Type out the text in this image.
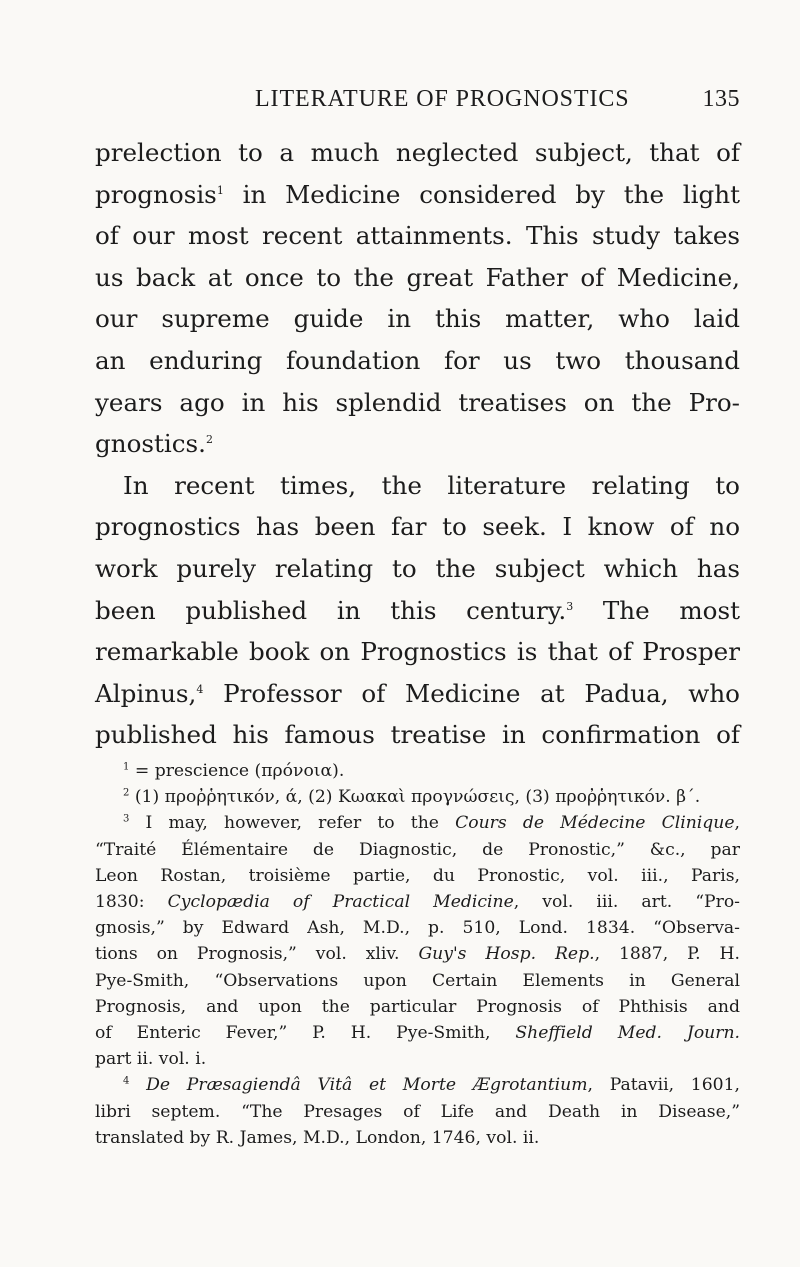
LITERATURE OF PROGNOSTICS	135
prelection to a much neglected subject, that of
prognosis$^1$ in Medicine considered by the light
of our most recent attainments. This study takes
us back at once to the great Father of Medicine,
our supreme guide in this matter, who laid
an enduring foundation for us two thousand
years ago in his splendid treatises on the Pro-
gnostics.$^2$
In recent times, the literature relating to
prognostics has been far to seek. I know of no
work purely relating to the subject which has
been published in this century.$^3$ The most
remarkable book on Prognostics is that of Prosper
Alpinus,$^4$ Professor of Medicine at Padua, who
published his famous treatise in confirmation of
$^1$ = prescience (πρόνοια).
$^2$ (1) προῤῥητικόν, ά, (2) Κωακαὶ προγνώσεις, (3) προῤῥητικόν. β΄.
$^3$ I may, however, refer to the Cours de Médecine Clinique,
“Traité Élémentaire de Diagnostic, de Pronostic,” &c., par
Leon Rostan, troisième partie, du Pronostic, vol. iii., Paris,
1830: Cyclopædia of Practical Medicine, vol. iii. art. “Pro-
gnosis,” by Edward Ash, M.D., p. 510, Lond. 1834. “Observa-
tions on Prognosis,” vol. xliv. Guy's Hosp. Rep., 1887, P. H.
Pye-Smith, “Observations upon Certain Elements in General
Prognosis, and upon the particular Prognosis of Phthisis and
of Enteric Fever,” P. H. Pye-Smith, Sheffield Med. Journ.
part ii. vol. i.
$^4$ De Præsagiendâ Vitâ et Morte Ægrotantium, Patavii, 1601,
libri septem. “The Presages of Life and Death in Disease,”
translated by R. James, M.D., London, 1746, vol. ii.
